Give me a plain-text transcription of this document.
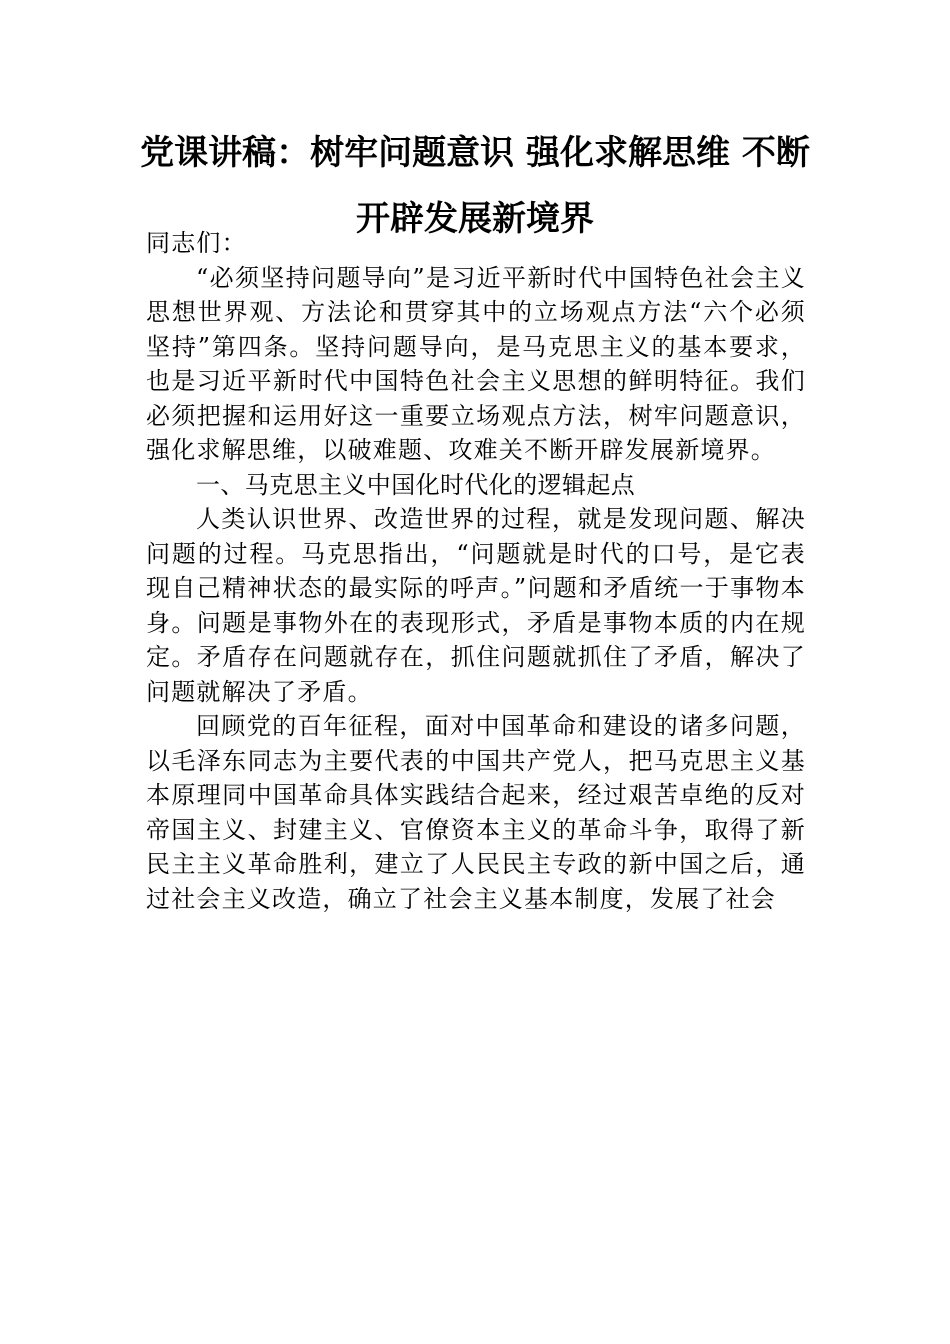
党课讲稿：树牢问题意识 强化求解思维 不断开辟发展新境界

同志们：

“必须坚持问题导向”是习近平新时代中国特色社会主义思想世界观、方法论和贯穿其中的立场观点方法“六个必须坚持”第四条。坚持问题导向，是马克思主义的基本要求，也是习近平新时代中国特色社会主义思想的鲜明特征。我们必须把握和运用好这一重要立场观点方法，树牢问题意识，强化求解思维，以破难题、攻难关不断开辟发展新境界。

一、马克思主义中国化时代化的逻辑起点

人类认识世界、改造世界的过程，就是发现问题、解决问题的过程。马克思指出，“问题就是时代的口号，是它表现自己精神状态的最实际的呼声。”问题和矛盾统一于事物本身。问题是事物外在的表现形式，矛盾是事物本质的内在规定。矛盾存在问题就存在，抓住问题就抓住了矛盾，解决了问题就解决了矛盾。

回顾党的百年征程，面对中国革命和建设的诸多问题，以毛泽东同志为主要代表的中国共产党人，把马克思主义基本原理同中国革命具体实践结合起来，经过艰苦卓绝的反对帝国主义、封建主义、官僚资本主义的革命斗争，取得了新民主主义革命胜利，建立了人民民主专政的新中国之后，通过社会主义改造，确立了社会主义基本制度，发展了社会
